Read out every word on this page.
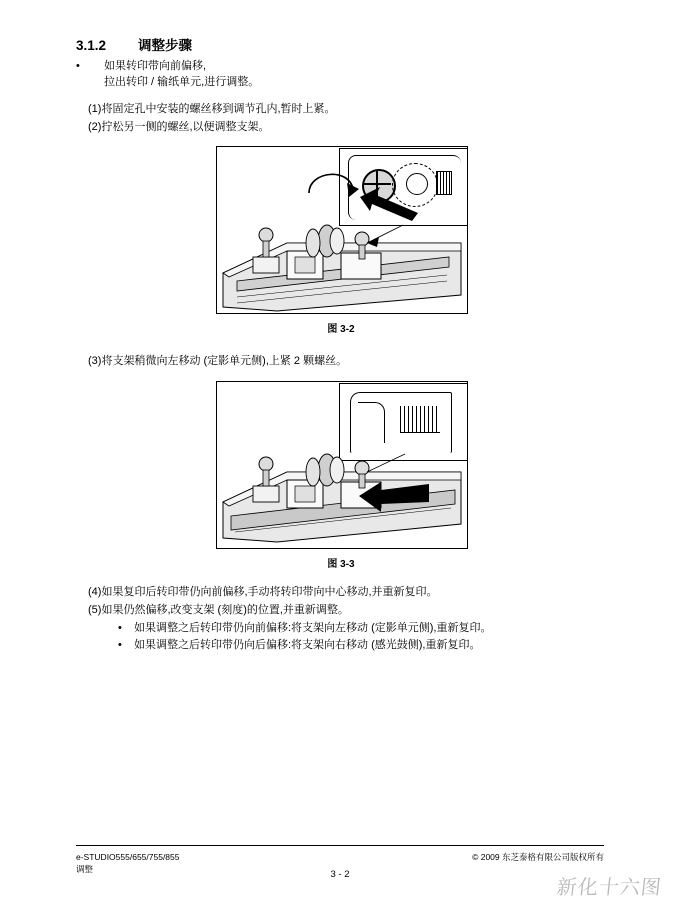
3.1.2 调整步骤
• 如果转印带向前偏移,
拉出转印 / 输纸单元,进行调整。
(1)将固定孔中安装的螺丝移到调节孔内,暂时上紧。
(2)拧松另一侧的螺丝,以便调整支架。
图 3-2
(3)将支架稍微向左移动 (定影单元侧),上紧 2 颗螺丝。
图 3-3
(4)如果复印后转印带仍向前偏移,手动将转印带向中心移动,并重新复印。
(5)如果仍然偏移,改变支架 (刻度)的位置,并重新调整。
• 如果调整之后转印带仍向前偏移:将支架向左移动 (定影单元侧),重新复印。
• 如果调整之后转印带仍向后偏移:将支架向右移动 (感光鼓侧),重新复印。
e-STUDIO555/655/755/855
调整
© 2009 东芝泰格有限公司版权所有
3 - 2
新化十六图
